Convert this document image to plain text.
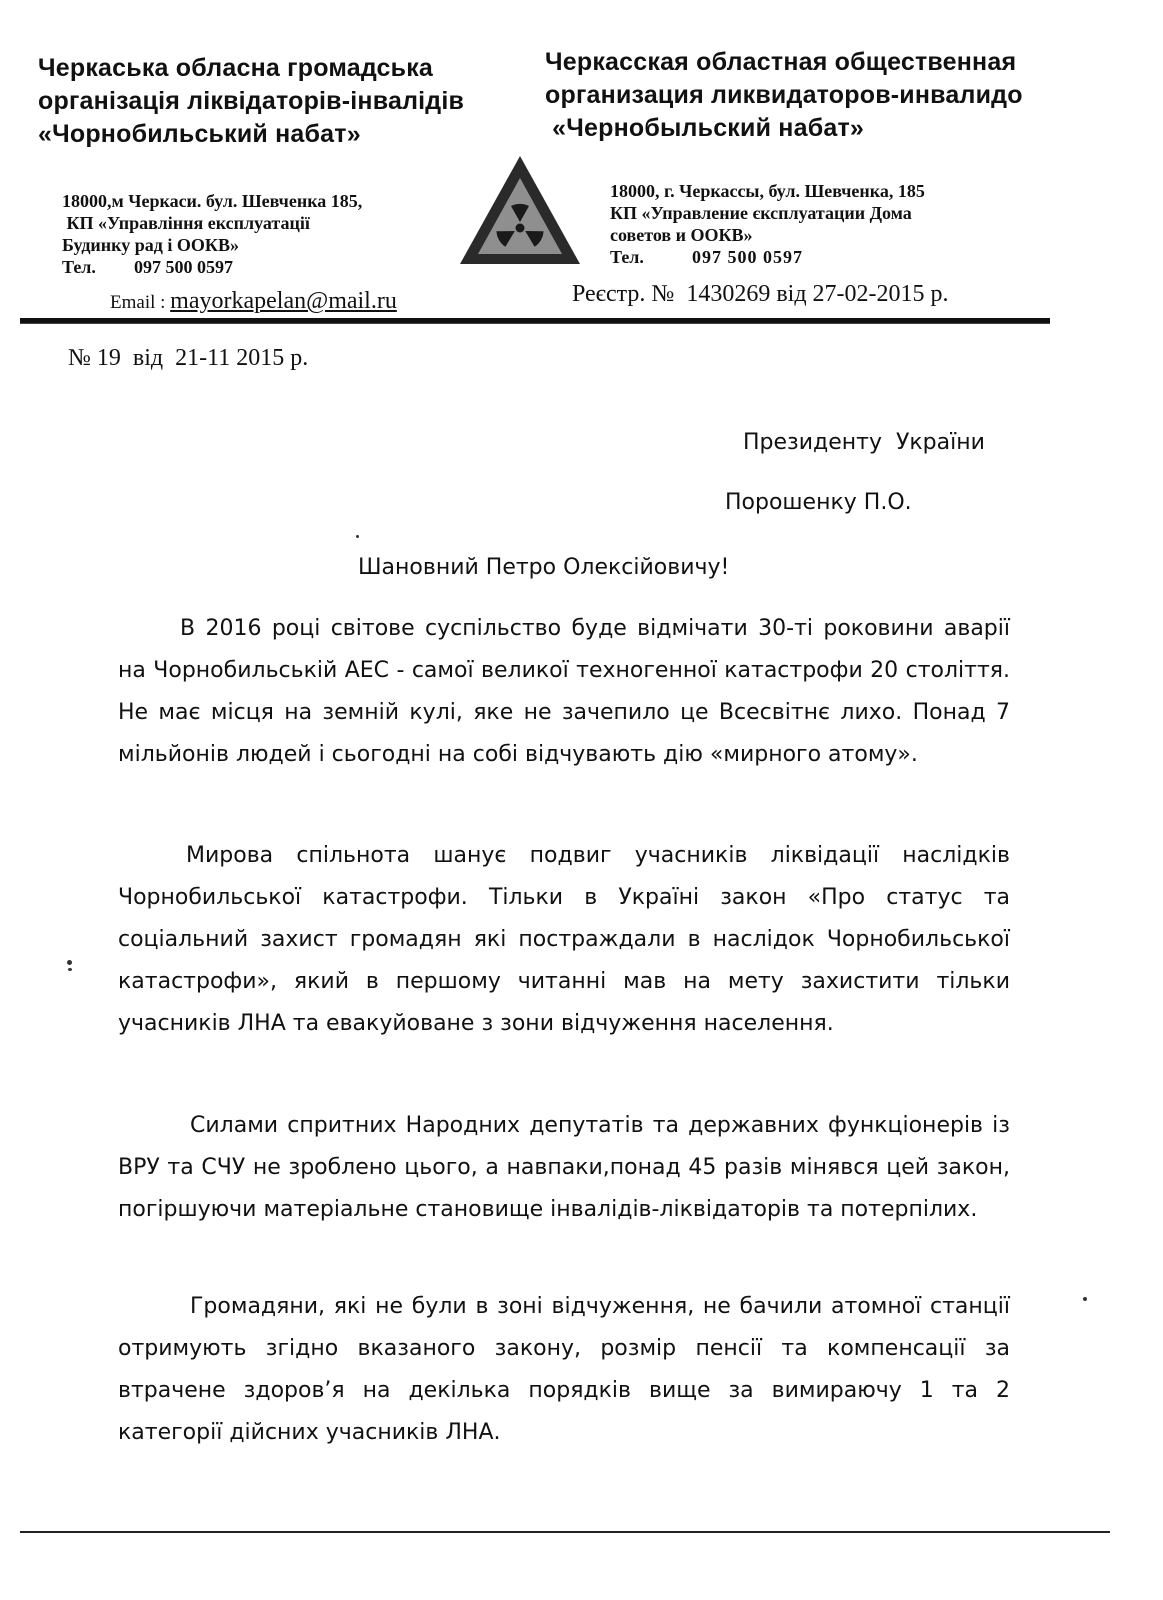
Черкаська обласна громадська
організація ліквідаторів-інвалідів
«Чорнобильський набат»
18000,м Черкаси. бул. Шевченка 185,
КП «Управління експлуатації
Будинку рад і ООКВ»
Тел. 097 500 0597
Email : mayorkapelan@mail.ru
Черкасская областная общественная
организация ликвидаторов-инвалидо
«Чернобыльский набат»
18000, г. Черкассы, бул. Шевченка, 185
КП «Управление єксплуатации Дома
советов и ООКВ»
Тел.	097 500 0597
Реєстр. №  1430269 від 27-02-2015 р.
№ 19  від  21-11 2015 р.
Президенту  України
Порошенку П.О.
Шановний Петро Олексійовичу!
В 2016 році світове суспільство буде відмічати 30-ті роковини аварії на Чорнобильській АЕС - самої великої техногенної катастрофи 20 століття. Не має місця на земній кулі, яке не зачепило це Всесвітнє лихо. Понад 7 мільйонів людей і сьогодні на собі відчувають дію «мирного атому».
Мирова спільнота шанує подвиг учасників ліквідації наслідків Чорнобильської катастрофи. Тільки в Україні закон «Про статус та соціальний захист громадян які постраждали в наслідок Чорнобильської катастрофи», який в першому читанні мав на мету захистити тільки учасників ЛНА та евакуйоване з зони відчуження населення.
Силами спритних Народних депутатів та державних функціонерів із ВРУ та СЧУ не зроблено цього, а навпаки,понад 45 разів мінявся цей закон, погіршуючи матеріальне становище інвалідів-ліквідаторів та потерпілих.
Громадяни, які не були в зоні відчуження, не бачили атомної станції отримують згідно вказаного закону, розмір пенсії та компенсації за втрачене здоров’я на декілька порядків вище за вимираючу 1 та 2 категорії дійсних учасників ЛНА.
